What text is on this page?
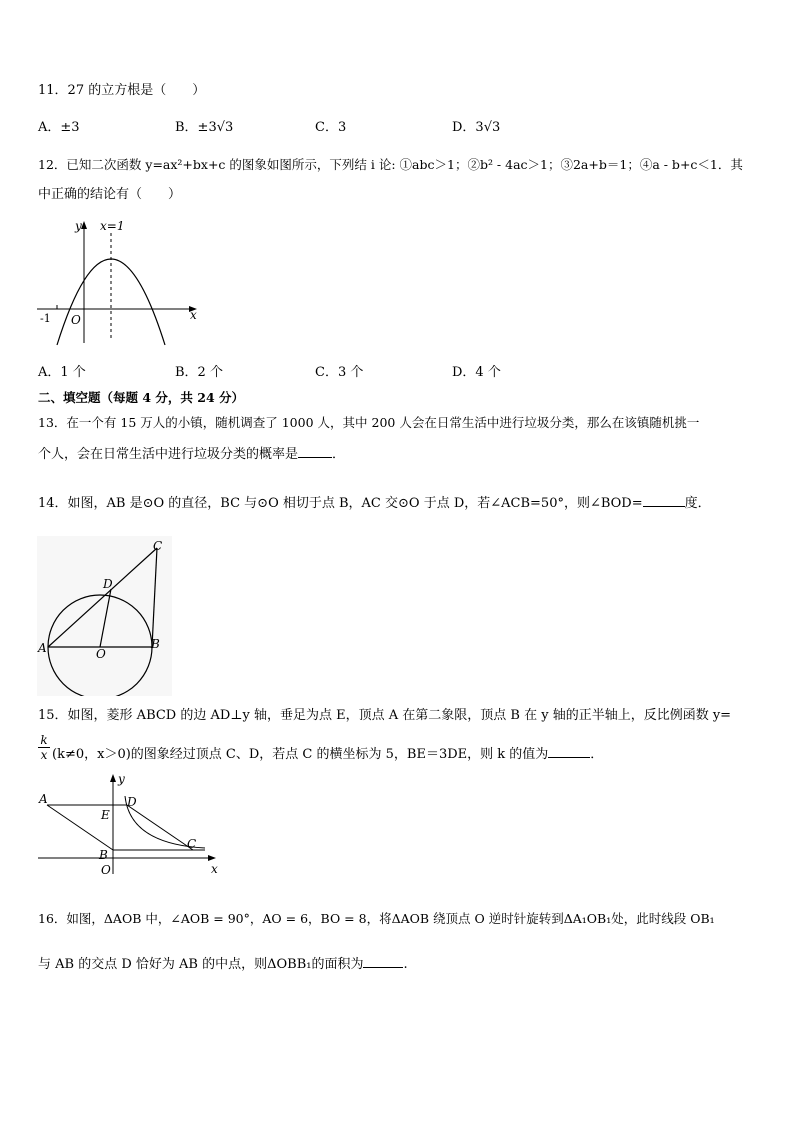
11．27 的立方根是（　　）
A．±3	B．±3√3	C．3	D．3√3
12．已知二次函数 y=ax²+bx+c 的图象如图所示，下列结 i 论: ①abc＞1；②b² - 4ac＞1；③2a+b＝1；④a - b+c＜1．其
中正确的结论有（　　）
y x=1
x
O
-1
A．1 个	B．2 个	C．3 个	D．4 个
二、填空题（每题 4 分，共 24 分）
13．在一个有 15 万人的小镇，随机调查了 1000 人，其中 200 人会在日常生活中进行垃圾分类，那么在该镇随机挑一
个人，会在日常生活中进行垃圾分类的概率是	．
14．如图，AB 是⊙O 的直径，BC 与⊙O 相切于点 B，AC 交⊙O 于点 D，若∠ACB=50°，则∠BOD=	度．
C
D
A	B
O
15．如图，菱形 ABCD 的边 AD⊥y 轴，垂足为点 E，顶点 A 在第二象限，顶点 B 在 y 轴的正半轴上，反比例函数 y=
k
x (k≠0，x＞0)的图象经过顶点 C、D，若点 C 的横坐标为 5，BE＝3DE，则 k 的值为	．
y
A	D
E
C
B
O	x
16．如图，ΔAOB 中，∠AOB = 90°，AO = 6，BO = 8，将ΔAOB 绕顶点 O 逆时针旋转到ΔA₁OB₁处，此时线段 OB₁
与 AB 的交点 D 恰好为 AB 的中点，则ΔOBB₁的面积为	.
